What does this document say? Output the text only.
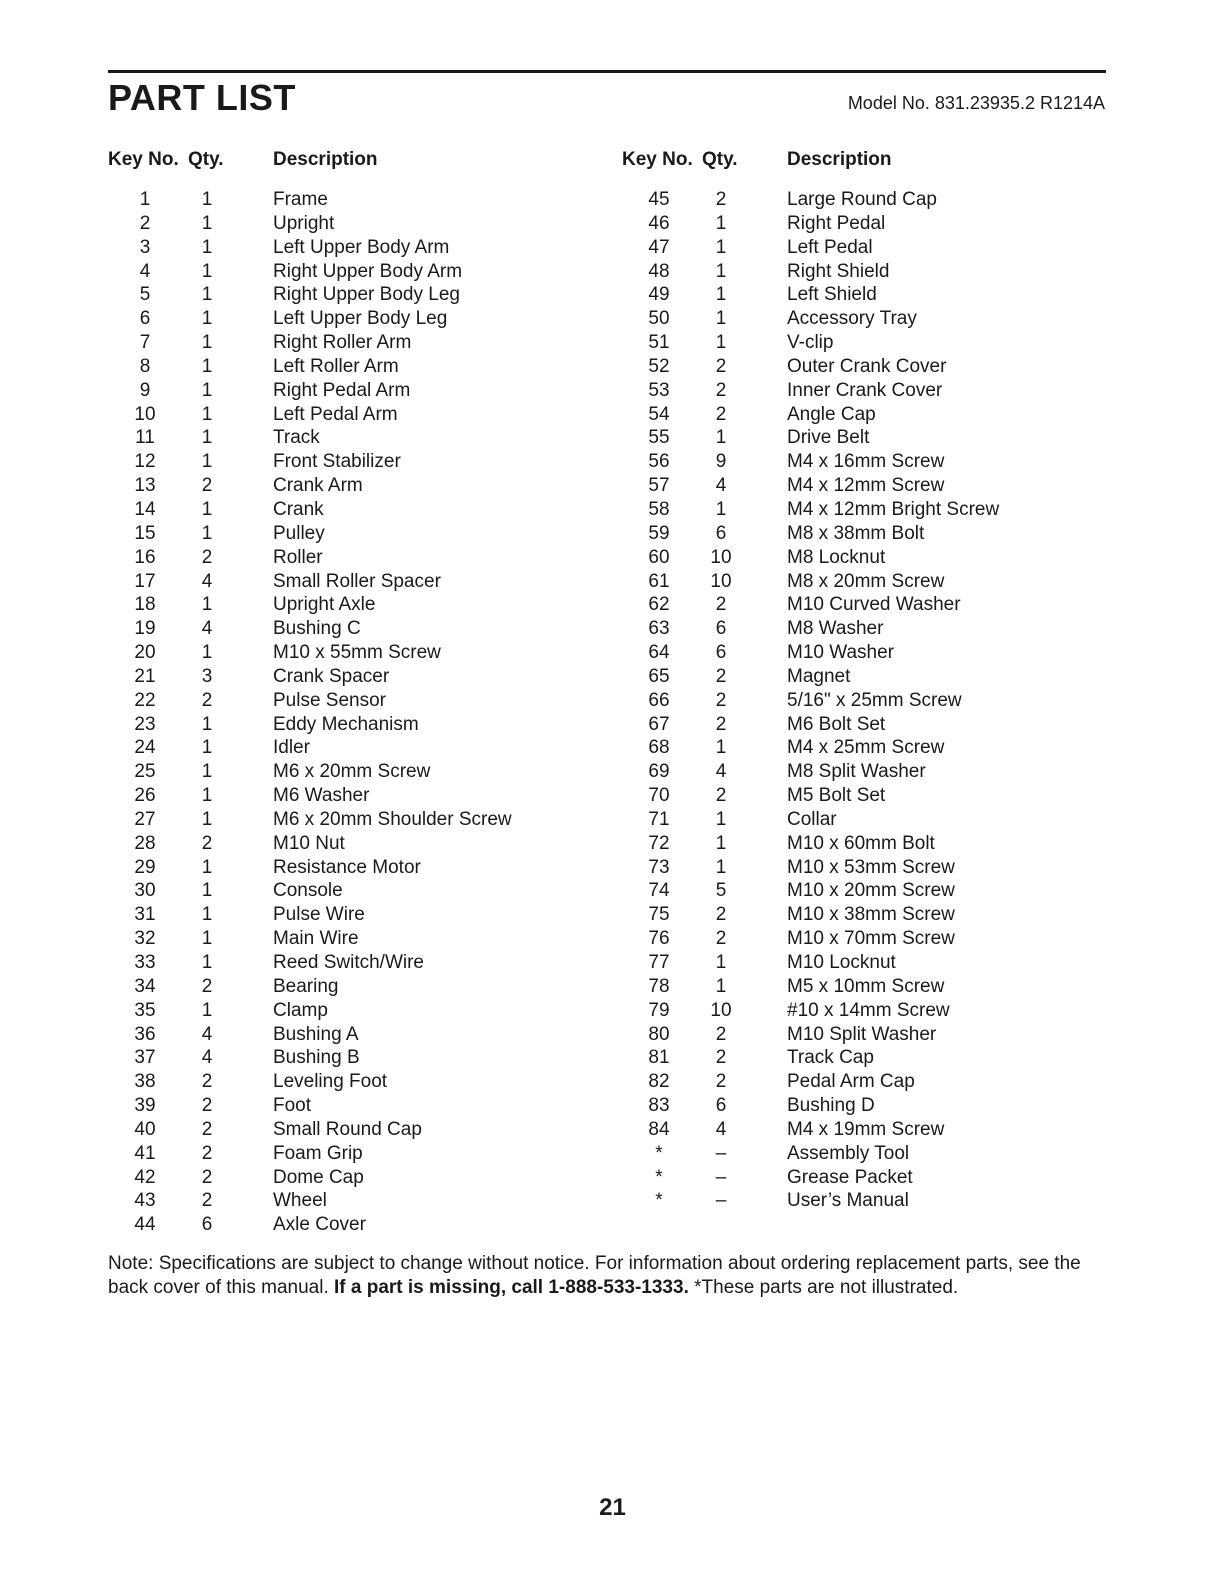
PART LIST	Model No. 831.23935.2 R1214A
Key No. Qty.	Description
1	1	Frame
2	1	Upright
3	1	Left Upper Body Arm
4	1	Right Upper Body Arm
5	1	Right Upper Body Leg
6	1	Left Upper Body Leg
7	1	Right Roller Arm
8	1	Left Roller Arm
9	1	Right Pedal Arm
10	1	Left Pedal Arm
11	1	Track
12	1	Front Stabilizer
13	2	Crank Arm
14	1	Crank
15	1	Pulley
16	2	Roller
17	4	Small Roller Spacer
18	1	Upright Axle
19	4	Bushing C
20	1	M10 x 55mm Screw
21	3	Crank Spacer
22	2	Pulse Sensor
23	1	Eddy Mechanism
24	1	Idler
25	1	M6 x 20mm Screw
26	1	M6 Washer
27	1	M6 x 20mm Shoulder Screw
28	2	M10 Nut
29	1	Resistance Motor
30	1	Console
31	1	Pulse Wire
32	1	Main Wire
33	1	Reed Switch/Wire
34	2	Bearing
35	1	Clamp
36	4	Bushing A
37	4	Bushing B
38	2	Leveling Foot
39	2	Foot
40	2	Small Round Cap
41	2	Foam Grip
42	2	Dome Cap
43	2	Wheel
44	6	Axle Cover
Key No. Qty.	Description
45	2	Large Round Cap
46	1	Right Pedal
47	1	Left Pedal
48	1	Right Shield
49	1	Left Shield
50	1	Accessory Tray
51	1	V-clip
52	2	Outer Crank Cover
53	2	Inner Crank Cover
54	2	Angle Cap
55	1	Drive Belt
56	9	M4 x 16mm Screw
57	4	M4 x 12mm Screw
58	1	M4 x 12mm Bright Screw
59	6	M8 x 38mm Bolt
60	10	M8 Locknut
61	10	M8 x 20mm Screw
62	2	M10 Curved Washer
63	6	M8 Washer
64	6	M10 Washer
65	2	Magnet
66	2	5/16" x 25mm Screw
67	2	M6 Bolt Set
68	1	M4 x 25mm Screw
69	4	M8 Split Washer
70	2	M5 Bolt Set
71	1	Collar
72	1	M10 x 60mm Bolt
73	1	M10 x 53mm Screw
74	5	M10 x 20mm Screw
75	2	M10 x 38mm Screw
76	2	M10 x 70mm Screw
77	1	M10 Locknut
78	1	M5 x 10mm Screw
79	10	#10 x 14mm Screw
80	2	M10 Split Washer
81	2	Track Cap
82	2	Pedal Arm Cap
83	6	Bushing D
84	4	M4 x 19mm Screw
*	–	Assembly Tool
*	–	Grease Packet
*	–	User’s Manual

Note: Specifications are subject to change without notice. For information about ordering replacement parts, see the back cover of this manual. If a part is missing, call 1-888-533-1333. *These parts are not illustrated.

21
